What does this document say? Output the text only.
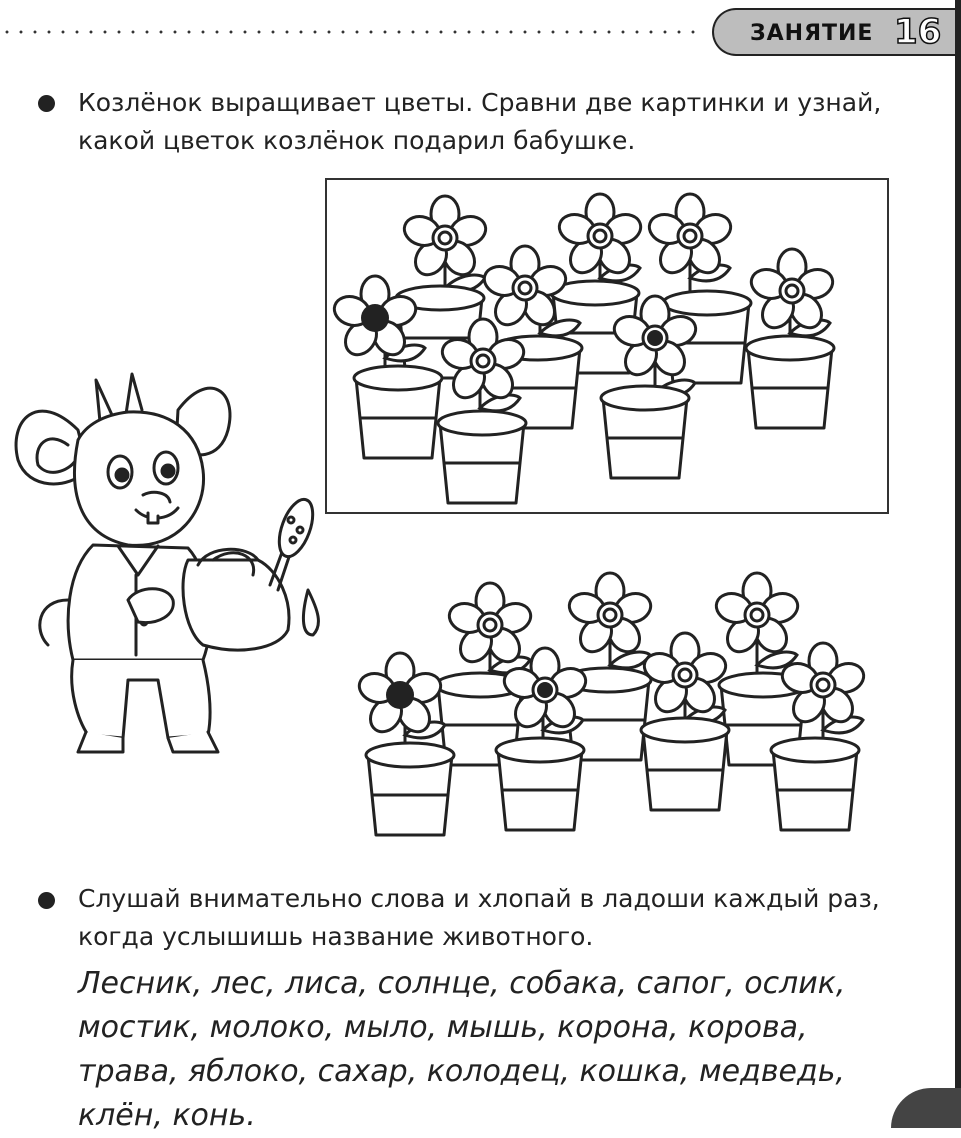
ЗАНЯТИЕ 16
Козлёнок выращивает цветы. Сравни две картинки и узнай, какой цветок козлёнок подарил бабушке.
Слушай внимательно слова и хлопай в ладоши каждый раз, когда услышишь название животного.
Лесник, лес, лиса, солнце, собака, сапог, ослик, мостик, молоко, мыло, мышь, корона, корова, трава, яблоко, сахар, колодец, кошка, медведь, клён, конь.
